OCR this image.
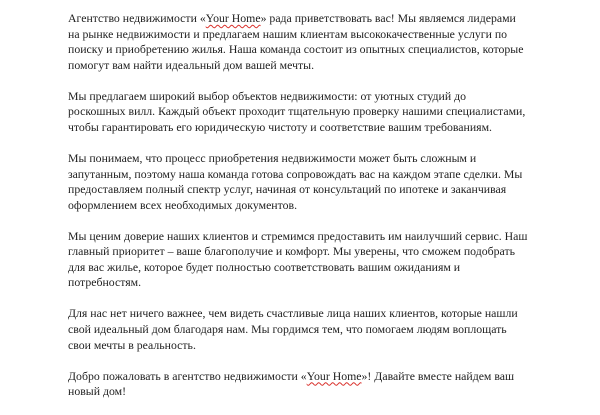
Агентство недвижимости «Your Home» рада приветствовать вас! Мы являемся лидерами
на рынке недвижимости и предлагаем нашим клиентам высококачественные услуги по
поиску и приобретению жилья. Наша команда состоит из опытных специалистов, которые
помогут вам найти идеальный дом вашей мечты.

Мы предлагаем широкий выбор объектов недвижимости: от уютных студий до
роскошных вилл. Каждый объект проходит тщательную проверку нашими специалистами,
чтобы гарантировать его юридическую чистоту и соответствие вашим требованиям.

Мы понимаем, что процесс приобретения недвижимости может быть сложным и
запутанным, поэтому наша команда готова сопровождать вас на каждом этапе сделки. Мы
предоставляем полный спектр услуг, начиная от консультаций по ипотеке и заканчивая
оформлением всех необходимых документов.

Мы ценим доверие наших клиентов и стремимся предоставить им наилучший сервис. Наш
главный приоритет – ваше благополучие и комфорт. Мы уверены, что сможем подобрать
для вас жилье, которое будет полностью соответствовать вашим ожиданиям и
потребностям.

Для нас нет ничего важнее, чем видеть счастливые лица наших клиентов, которые нашли
свой идеальный дом благодаря нам. Мы гордимся тем, что помогаем людям воплощать
свои мечты в реальность.

Добро пожаловать в агентство недвижимости «Your Home»! Давайте вместе найдем ваш
новый дом!
